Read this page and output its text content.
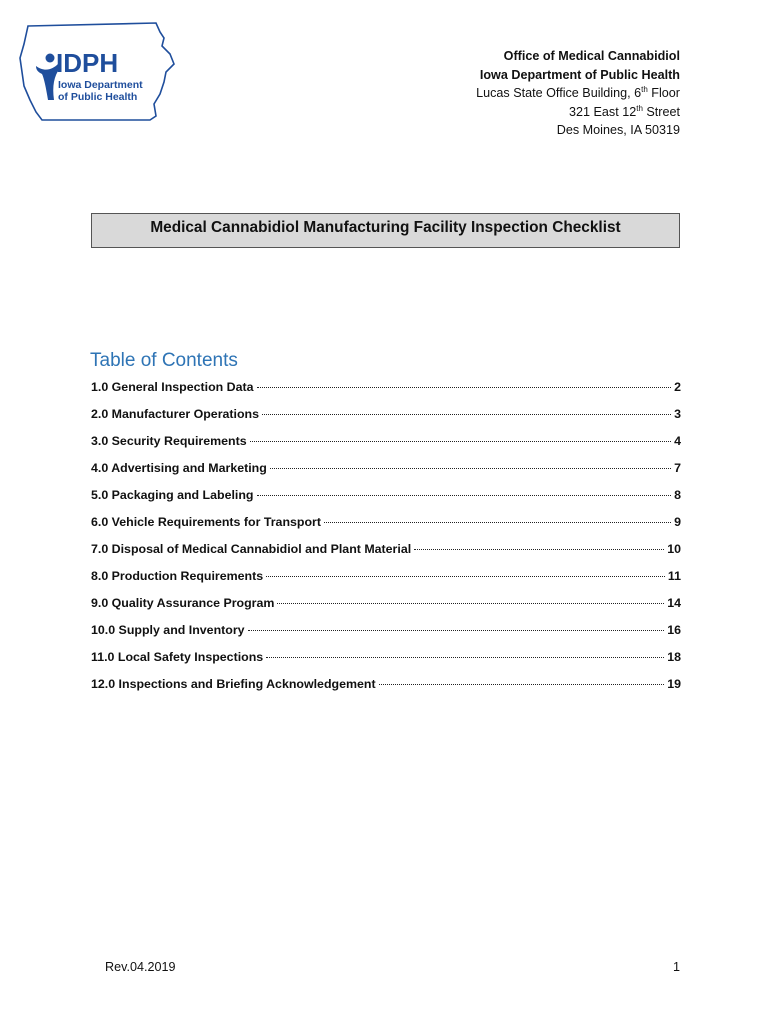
IDPH
Iowa Department
of Public Health
Office of Medical Cannabidiol
Iowa Department of Public Health
Lucas State Office Building, 6th Floor
321 East 12th Street
Des Moines, IA 50319
Medical Cannabidiol Manufacturing Facility Inspection Checklist
Table of Contents
1.0 General Inspection Data	2
2.0 Manufacturer Operations	3
3.0 Security Requirements	4
4.0 Advertising and Marketing	7
5.0 Packaging and Labeling	8
6.0 Vehicle Requirements for Transport	9
7.0 Disposal of Medical Cannabidiol and Plant Material	10
8.0 Production Requirements	11
9.0 Quality Assurance Program	14
10.0 Supply and Inventory	16
11.0 Local Safety Inspections	18
12.0 Inspections and Briefing Acknowledgement	19
Rev.04.2019	1
